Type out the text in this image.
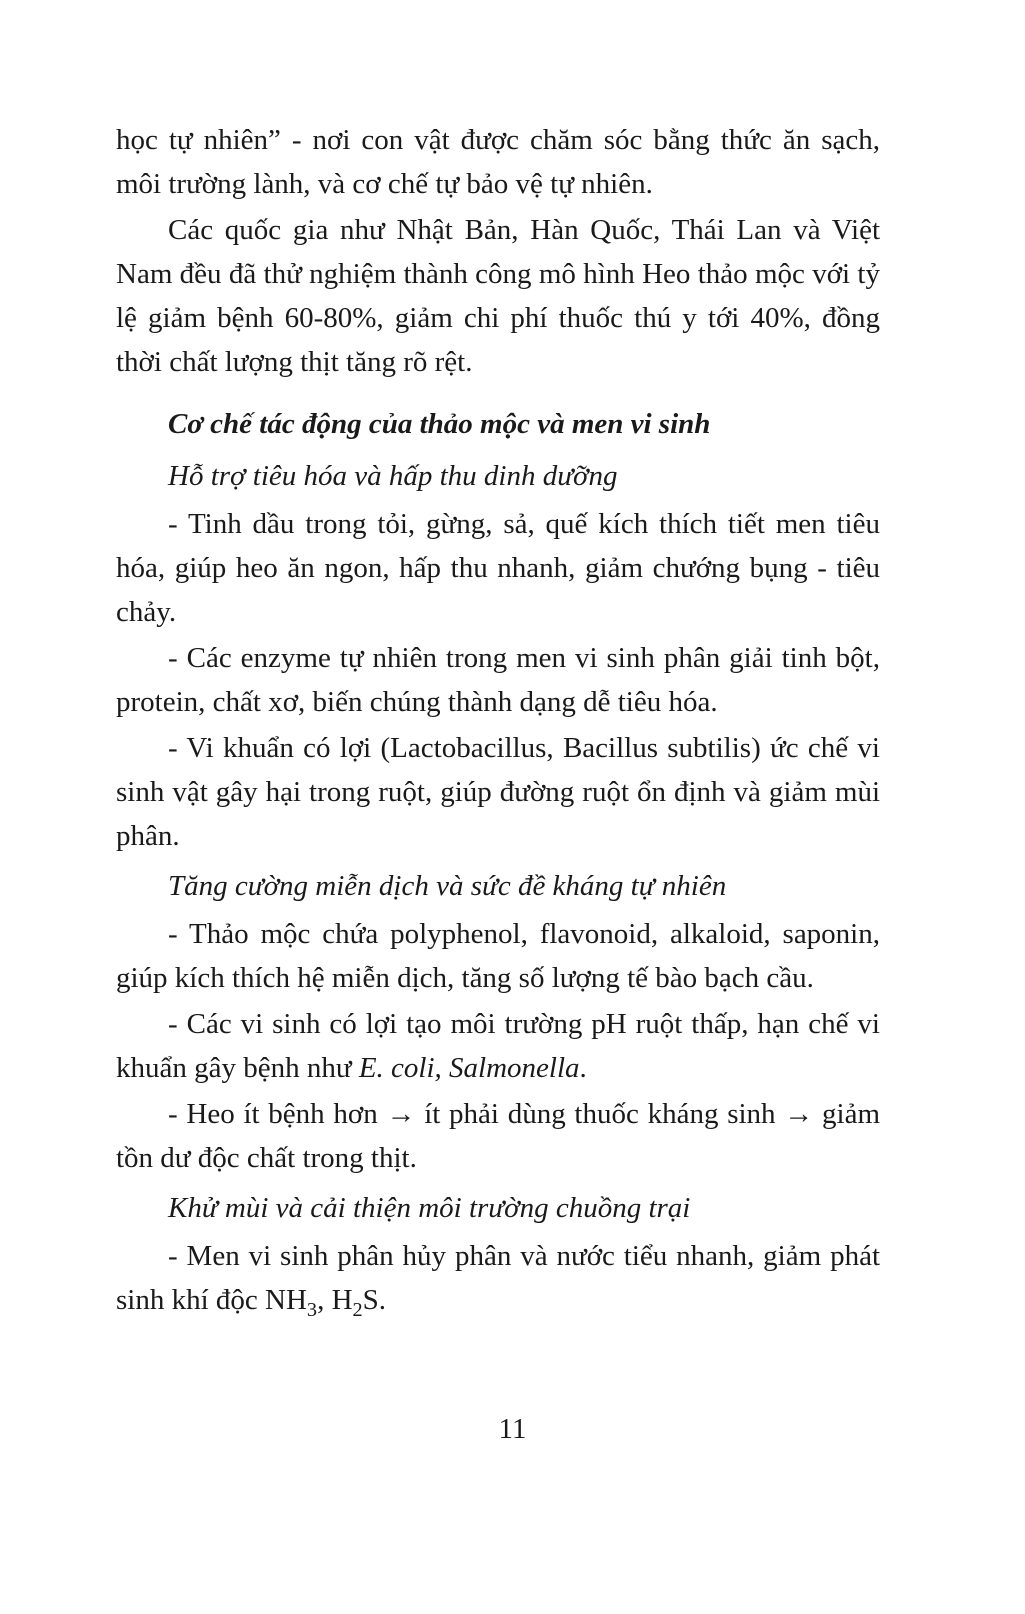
học tự nhiên” - nơi con vật được chăm sóc bằng thức ăn sạch, môi trường lành, và cơ chế tự bảo vệ tự nhiên.

Các quốc gia như Nhật Bản, Hàn Quốc, Thái Lan và Việt Nam đều đã thử nghiệm thành công mô hình Heo thảo mộc với tỷ lệ giảm bệnh 60-80%, giảm chi phí thuốc thú y tới 40%, đồng thời chất lượng thịt tăng rõ rệt.

Cơ chế tác động của thảo mộc và men vi sinh

Hỗ trợ tiêu hóa và hấp thu dinh dưỡng

- Tinh dầu trong tỏi, gừng, sả, quế kích thích tiết men tiêu hóa, giúp heo ăn ngon, hấp thu nhanh, giảm chướng bụng - tiêu chảy.

- Các enzyme tự nhiên trong men vi sinh phân giải tinh bột, protein, chất xơ, biến chúng thành dạng dễ tiêu hóa.

- Vi khuẩn có lợi (Lactobacillus, Bacillus subtilis) ức chế vi sinh vật gây hại trong ruột, giúp đường ruột ổn định và giảm mùi phân.

Tăng cường miễn dịch và sức đề kháng tự nhiên

- Thảo mộc chứa polyphenol, flavonoid, alkaloid, saponin, giúp kích thích hệ miễn dịch, tăng số lượng tế bào bạch cầu.

- Các vi sinh có lợi tạo môi trường pH ruột thấp, hạn chế vi khuẩn gây bệnh như E. coli, Salmonella.

- Heo ít bệnh hơn → ít phải dùng thuốc kháng sinh → giảm tồn dư độc chất trong thịt.

Khử mùi và cải thiện môi trường chuồng trại

- Men vi sinh phân hủy phân và nước tiểu nhanh, giảm phát sinh khí độc $NH_3$, $H_2S$.

11
